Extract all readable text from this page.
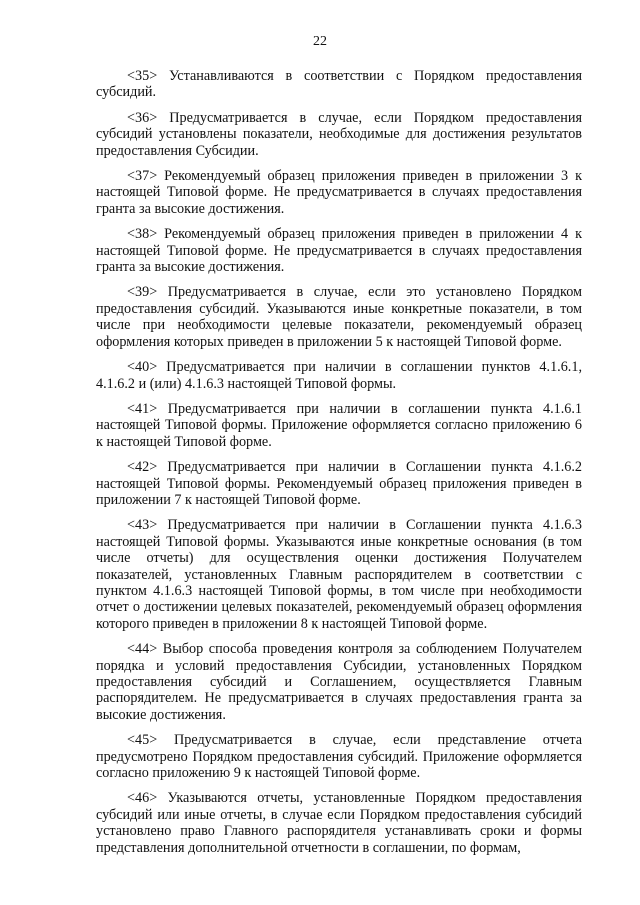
22

<35> Устанавливаются в соответствии с Порядком предоставления субсидий.

<36> Предусматривается в случае, если Порядком предоставления субсидий установлены показатели, необходимые для достижения результатов предоставления Субсидии.

<37> Рекомендуемый образец приложения приведен в приложении 3 к настоящей Типовой форме. Не предусматривается в случаях предоставления гранта за высокие достижения.

<38> Рекомендуемый образец приложения приведен в приложении 4 к настоящей Типовой форме. Не предусматривается в случаях предоставления гранта за высокие достижения.

<39> Предусматривается в случае, если это установлено Порядком предоставления субсидий. Указываются иные конкретные показатели, в том числе при необходимости целевые показатели, рекомендуемый образец оформления которых приведен в приложении 5 к настоящей Типовой форме.

<40> Предусматривается при наличии в соглашении пунктов 4.1.6.1, 4.1.6.2 и (или) 4.1.6.3 настоящей Типовой формы.

<41> Предусматривается при наличии в соглашении пункта 4.1.6.1 настоящей Типовой формы. Приложение оформляется согласно приложению 6 к настоящей Типовой форме.

<42> Предусматривается при наличии в Соглашении пункта 4.1.6.2 настоящей Типовой формы. Рекомендуемый образец приложения приведен в приложении 7 к настоящей Типовой форме.

<43> Предусматривается при наличии в Соглашении пункта 4.1.6.3 настоящей Типовой формы. Указываются иные конкретные основания (в том числе отчеты) для осуществления оценки достижения Получателем показателей, установленных Главным распорядителем в соответствии с пунктом 4.1.6.3 настоящей Типовой формы, в том числе при необходимости отчет о достижении целевых показателей, рекомендуемый образец оформления которого приведен в приложении 8 к настоящей Типовой форме.

<44> Выбор способа проведения контроля за соблюдением Получателем порядка и условий предоставления Субсидии, установленных Порядком предоставления субсидий и Соглашением, осуществляется Главным распорядителем. Не предусматривается в случаях предоставления гранта за высокие достижения.

<45> Предусматривается в случае, если представление отчета предусмотрено Порядком предоставления субсидий. Приложение оформляется согласно приложению 9 к настоящей Типовой форме.

<46> Указываются отчеты, установленные Порядком предоставления субсидий или иные отчеты, в случае если Порядком предоставления субсидий установлено право Главного распорядителя устанавливать сроки и формы представления дополнительной отчетности в соглашении, по формам,
